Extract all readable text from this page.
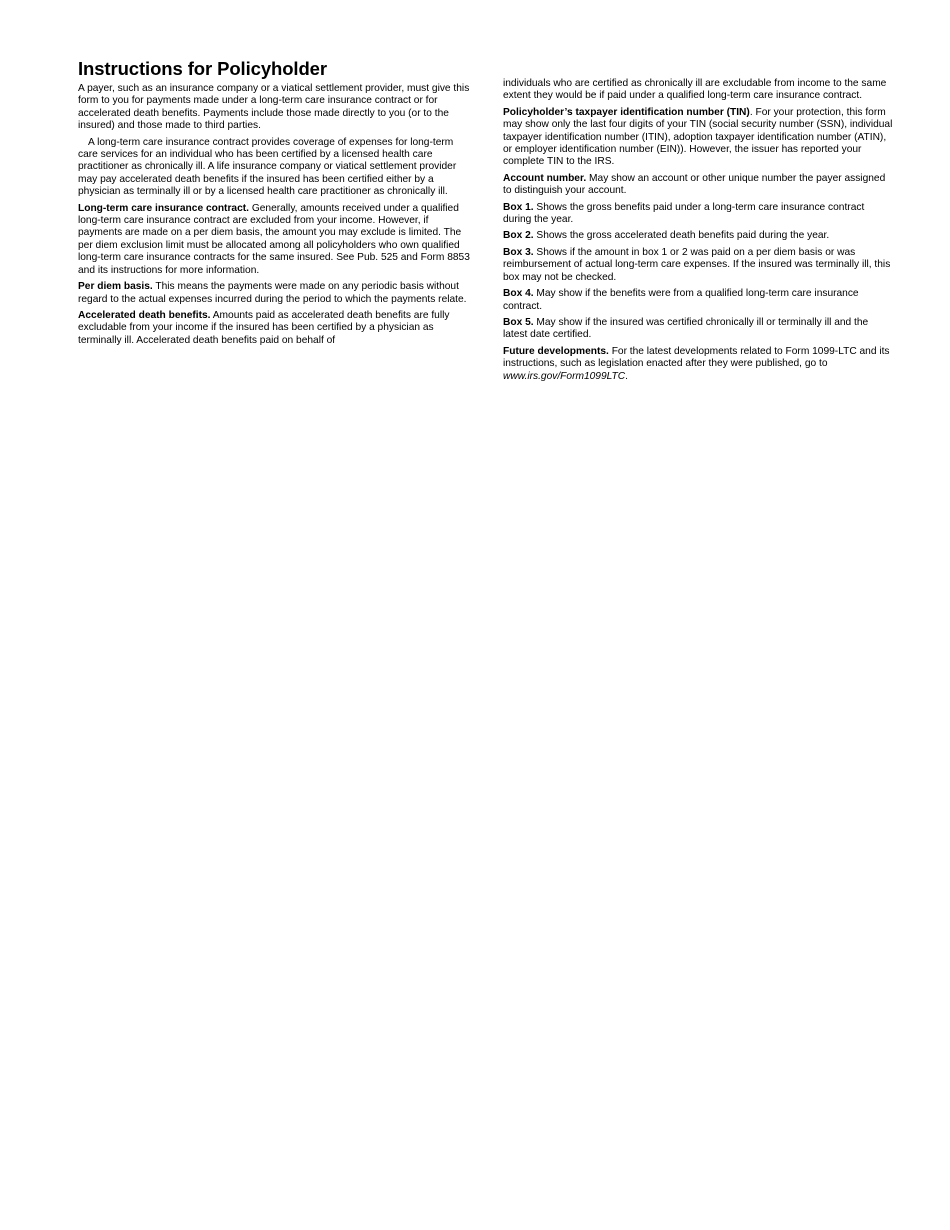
Instructions for Policyholder

A payer, such as an insurance company or a viatical settlement provider, must give this form to you for payments made under a long-term care insurance contract or for accelerated death benefits. Payments include those made directly to you (or to the insured) and those made to third parties.

A long-term care insurance contract provides coverage of expenses for long-term care services for an individual who has been certified by a licensed health care practitioner as chronically ill. A life insurance company or viatical settlement provider may pay accelerated death benefits if the insured has been certified either by a physician as terminally ill or by a licensed health care practitioner as chronically ill.

Long-term care insurance contract. Generally, amounts received under a qualified long-term care insurance contract are excluded from your income. However, if payments are made on a per diem basis, the amount you may exclude is limited. The per diem exclusion limit must be allocated among all policyholders who own qualified long-term care insurance contracts for the same insured. See Pub. 525 and Form 8853 and its instructions for more information.

Per diem basis. This means the payments were made on any periodic basis without regard to the actual expenses incurred during the period to which the payments relate.

Accelerated death benefits. Amounts paid as accelerated death benefits are fully excludable from your income if the insured has been certified by a physician as terminally ill. Accelerated death benefits paid on behalf of

individuals who are certified as chronically ill are excludable from income to the same extent they would be if paid under a qualified long-term care insurance contract.

Policyholder’s taxpayer identification number (TIN). For your protection, this form may show only the last four digits of your TIN (social security number (SSN), individual taxpayer identification number (ITIN), adoption taxpayer identification number (ATIN), or employer identification number (EIN)). However, the issuer has reported your complete TIN to the IRS.

Account number. May show an account or other unique number the payer assigned to distinguish your account.

Box 1. Shows the gross benefits paid under a long-term care insurance contract during the year.

Box 2. Shows the gross accelerated death benefits paid during the year.

Box 3. Shows if the amount in box 1 or 2 was paid on a per diem basis or was reimbursement of actual long-term care expenses. If the insured was terminally ill, this box may not be checked.

Box 4. May show if the benefits were from a qualified long-term care insurance contract.

Box 5. May show if the insured was certified chronically ill or terminally ill and the latest date certified.

Future developments. For the latest developments related to Form 1099-LTC and its instructions, such as legislation enacted after they were published, go to www.irs.gov/Form1099LTC.
